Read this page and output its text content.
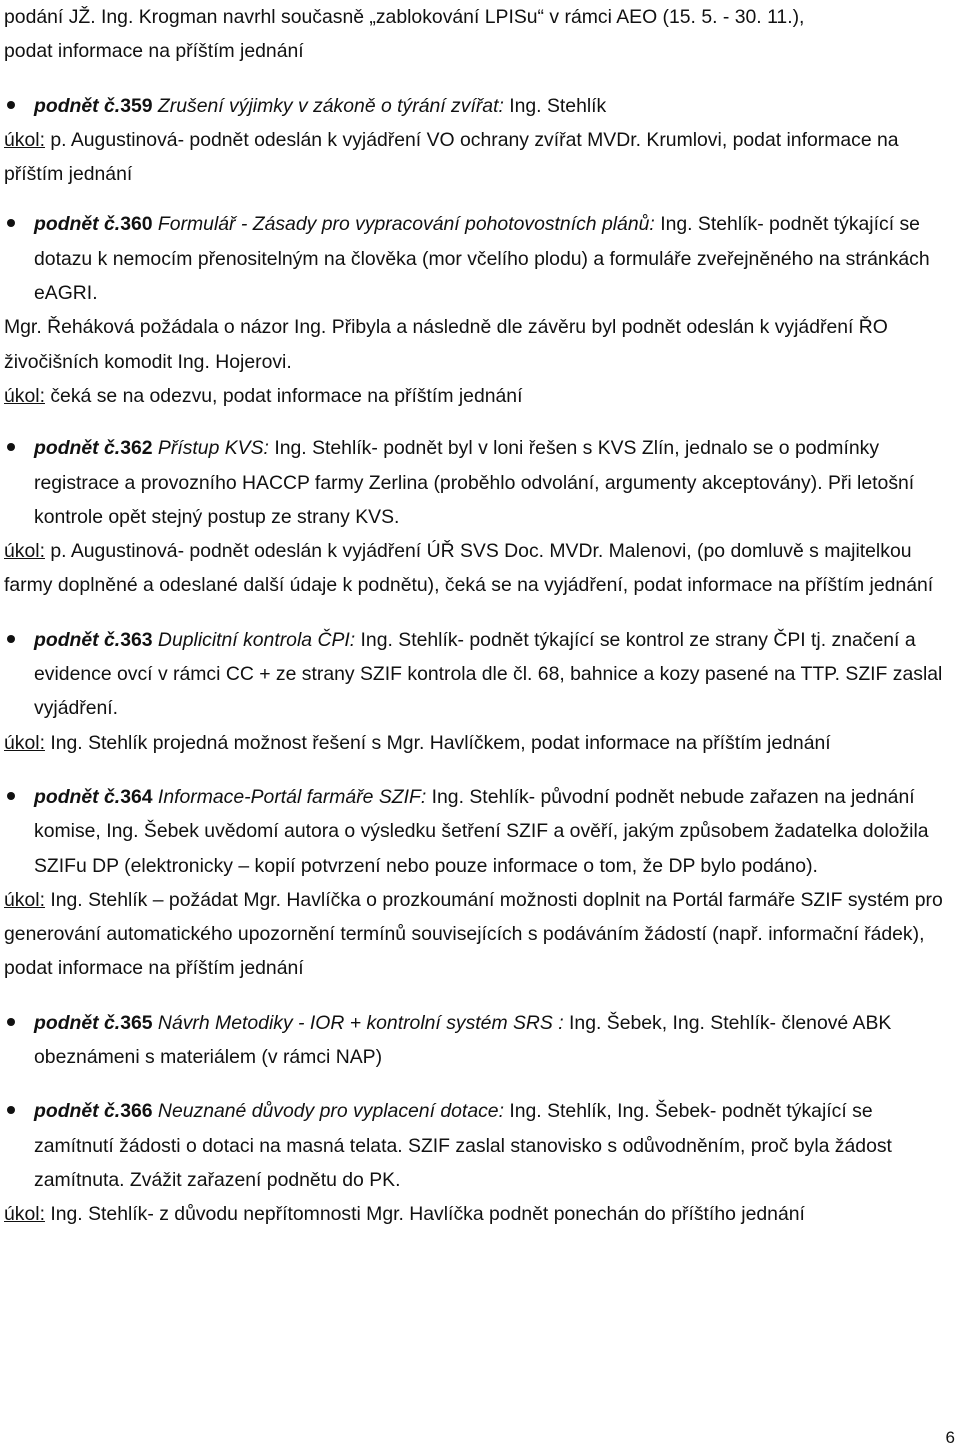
podání JŽ. Ing. Krogman navrhl současně „zablokování LPISu“ v rámci AEO (15. 5. - 30. 11.),
podat informace na příštím jednání

podnět č.359 Zrušení výjimky v zákoně o týrání zvířat: Ing. Stehlík

úkol: p. Augustinová- podnět odeslán k vyjádření VO ochrany zvířat MVDr. Krumlovi, podat informace na příštím jednání

podnět č.360 Formulář - Zásady pro vypracování pohotovostních plánů: Ing. Stehlík- podnět týkající se dotazu k nemocím přenositelným na člověka (mor včelího plodu) a formuláře zveřejněného na stránkách eAGRI.

Mgr. Řeháková požádala o názor Ing. Přibyla a následně dle závěru byl podnět odeslán k vyjádření ŘO živočišních komodit Ing. Hojerovi.

úkol: čeká se na odezvu, podat informace na příštím jednání

podnět č.362 Přístup KVS: Ing. Stehlík- podnět byl v loni řešen s KVS Zlín, jednalo se o podmínky registrace a provozního HACCP farmy Zerlina (proběhlo odvolání, argumenty akceptovány). Při letošní kontrole opět stejný postup ze strany KVS.

úkol: p. Augustinová- podnět odeslán k vyjádření ÚŘ SVS Doc. MVDr. Malenovi, (po domluvě s majitelkou farmy doplněné a odeslané další údaje k podnětu), čeká se na vyjádření, podat informace na příštím jednání

podnět č.363 Duplicitní kontrola ČPI: Ing. Stehlík- podnět týkající se kontrol ze strany ČPI tj. značení a evidence ovcí v rámci CC + ze strany SZIF kontrola dle čl. 68, bahnice a kozy pasené na TTP. SZIF zaslal vyjádření.

úkol: Ing. Stehlík projedná možnost řešení s Mgr. Havlíčkem, podat informace na příštím jednání

podnět č.364 Informace-Portál farmáře SZIF: Ing. Stehlík- původní podnět nebude zařazen na jednání komise, Ing. Šebek uvědomí autora o výsledku šetření SZIF a ověří, jakým způsobem žadatelka doložila SZIFu DP (elektronicky – kopií potvrzení nebo pouze informace o tom, že DP bylo podáno).

úkol: Ing. Stehlík – požádat Mgr. Havlíčka o prozkoumání možnosti doplnit na Portál farmáře SZIF systém pro generování automatického upozornění termínů souvisejících s podáváním žádostí (např. informační řádek), podat informace na příštím jednání

podnět č.365 Návrh Metodiky - IOR + kontrolní systém SRS : Ing. Šebek, Ing. Stehlík- členové ABK obeznámeni s materiálem (v rámci NAP)

podnět č.366 Neuznané důvody pro vyplacení dotace: Ing. Stehlík, Ing. Šebek- podnět týkající se zamítnutí žádosti o dotaci na masná telata. SZIF zaslal stanovisko s odůvodněním, proč byla žádost zamítnuta. Zvážit zařazení podnětu do PK.

úkol: Ing. Stehlík- z důvodu nepřítomnosti Mgr. Havlíčka podnět ponechán do příštího jednání

6
